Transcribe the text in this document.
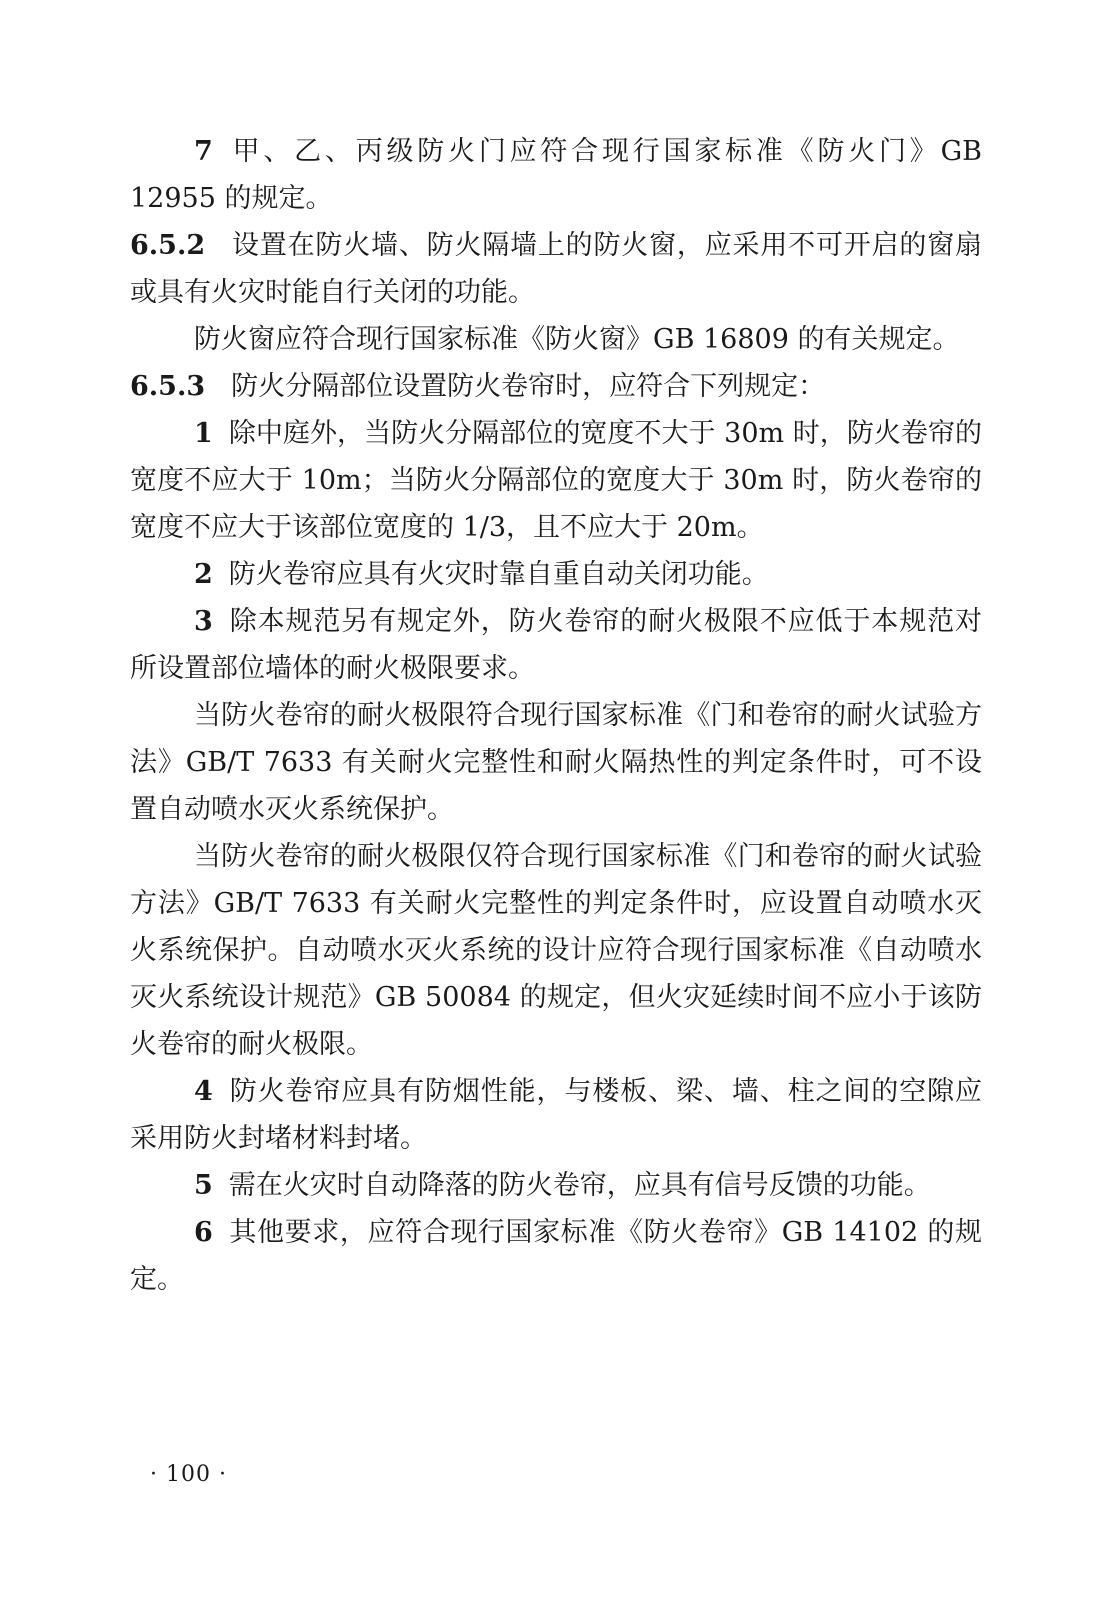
7 甲、乙、丙级防火门应符合现行国家标准《防火门》GB 12955 的规定。

6.5.2 设置在防火墙、防火隔墙上的防火窗，应采用不可开启的窗扇或具有火灾时能自行关闭的功能。

防火窗应符合现行国家标准《防火窗》GB 16809 的有关规定。

6.5.3 防火分隔部位设置防火卷帘时，应符合下列规定：

1 除中庭外，当防火分隔部位的宽度不大于 30m 时，防火卷帘的宽度不应大于 10m；当防火分隔部位的宽度大于 30m 时，防火卷帘的宽度不应大于该部位宽度的 1/3，且不应大于 20m。

2 防火卷帘应具有火灾时靠自重自动关闭功能。

3 除本规范另有规定外，防火卷帘的耐火极限不应低于本规范对所设置部位墙体的耐火极限要求。

当防火卷帘的耐火极限符合现行国家标准《门和卷帘的耐火试验方法》GB/T 7633 有关耐火完整性和耐火隔热性的判定条件时，可不设置自动喷水灭火系统保护。

当防火卷帘的耐火极限仅符合现行国家标准《门和卷帘的耐火试验方法》GB/T 7633 有关耐火完整性的判定条件时，应设置自动喷水灭火系统保护。自动喷水灭火系统的设计应符合现行国家标准《自动喷水灭火系统设计规范》GB 50084 的规定，但火灾延续时间不应小于该防火卷帘的耐火极限。

4 防火卷帘应具有防烟性能，与楼板、梁、墙、柱之间的空隙应采用防火封堵材料封堵。

5 需在火灾时自动降落的防火卷帘，应具有信号反馈的功能。

6 其他要求，应符合现行国家标准《防火卷帘》GB 14102 的规定。

· 100 ·
